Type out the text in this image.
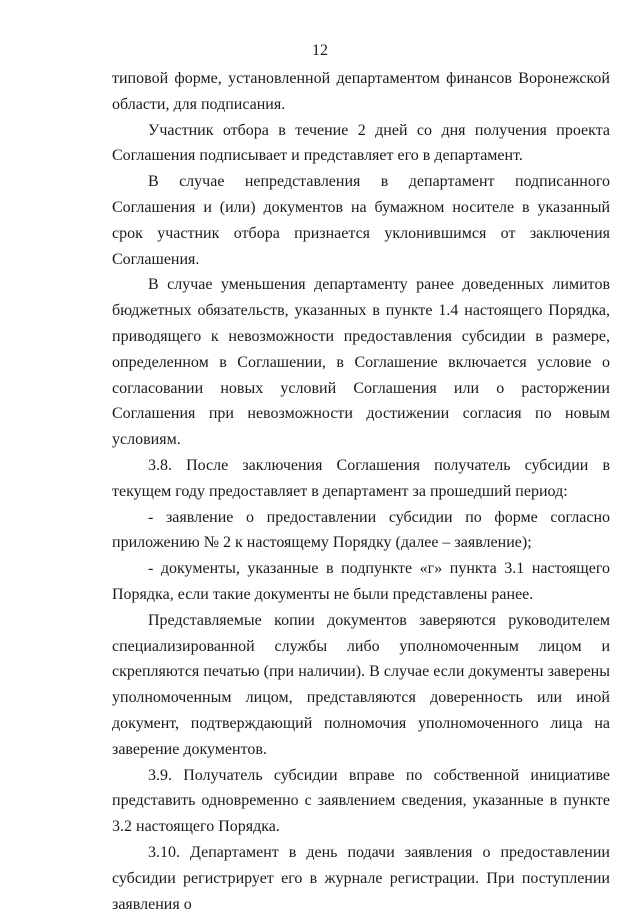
12

типовой форме, установленной департаментом финансов Воронежской области, для подписания.

Участник отбора в течение 2 дней со дня получения проекта Соглашения подписывает и представляет его в департамент.

В случае непредставления в департамент подписанного Соглашения и (или) документов на бумажном носителе в указанный срок участник отбора признается уклонившимся от заключения Соглашения.

В случае уменьшения департаменту ранее доведенных лимитов бюджетных обязательств, указанных в пункте 1.4 настоящего Порядка, приводящего к невозможности предоставления субсидии в размере, определенном в Соглашении, в Соглашение включается условие о согласовании новых условий Соглашения или о расторжении Соглашения при невозможности достижении согласия по новым условиям.

3.8. После заключения Соглашения получатель субсидии в текущем году предоставляет в департамент за прошедший период:

- заявление о предоставлении субсидии по форме согласно приложению № 2 к настоящему Порядку (далее – заявление);

- документы, указанные в подпункте «г» пункта 3.1 настоящего Порядка, если такие документы не были представлены ранее.

Представляемые копии документов заверяются руководителем специализированной службы либо уполномоченным лицом и скрепляются печатью (при наличии). В случае если документы заверены уполномоченным лицом, представляются доверенность или иной документ, подтверждающий полномочия уполномоченного лица на заверение документов.

3.9. Получатель субсидии вправе по собственной инициативе представить одновременно с заявлением сведения, указанные в пункте 3.2 настоящего Порядка.

3.10. Департамент в день подачи заявления о предоставлении субсидии регистрирует его в журнале регистрации. При поступлении заявления о
